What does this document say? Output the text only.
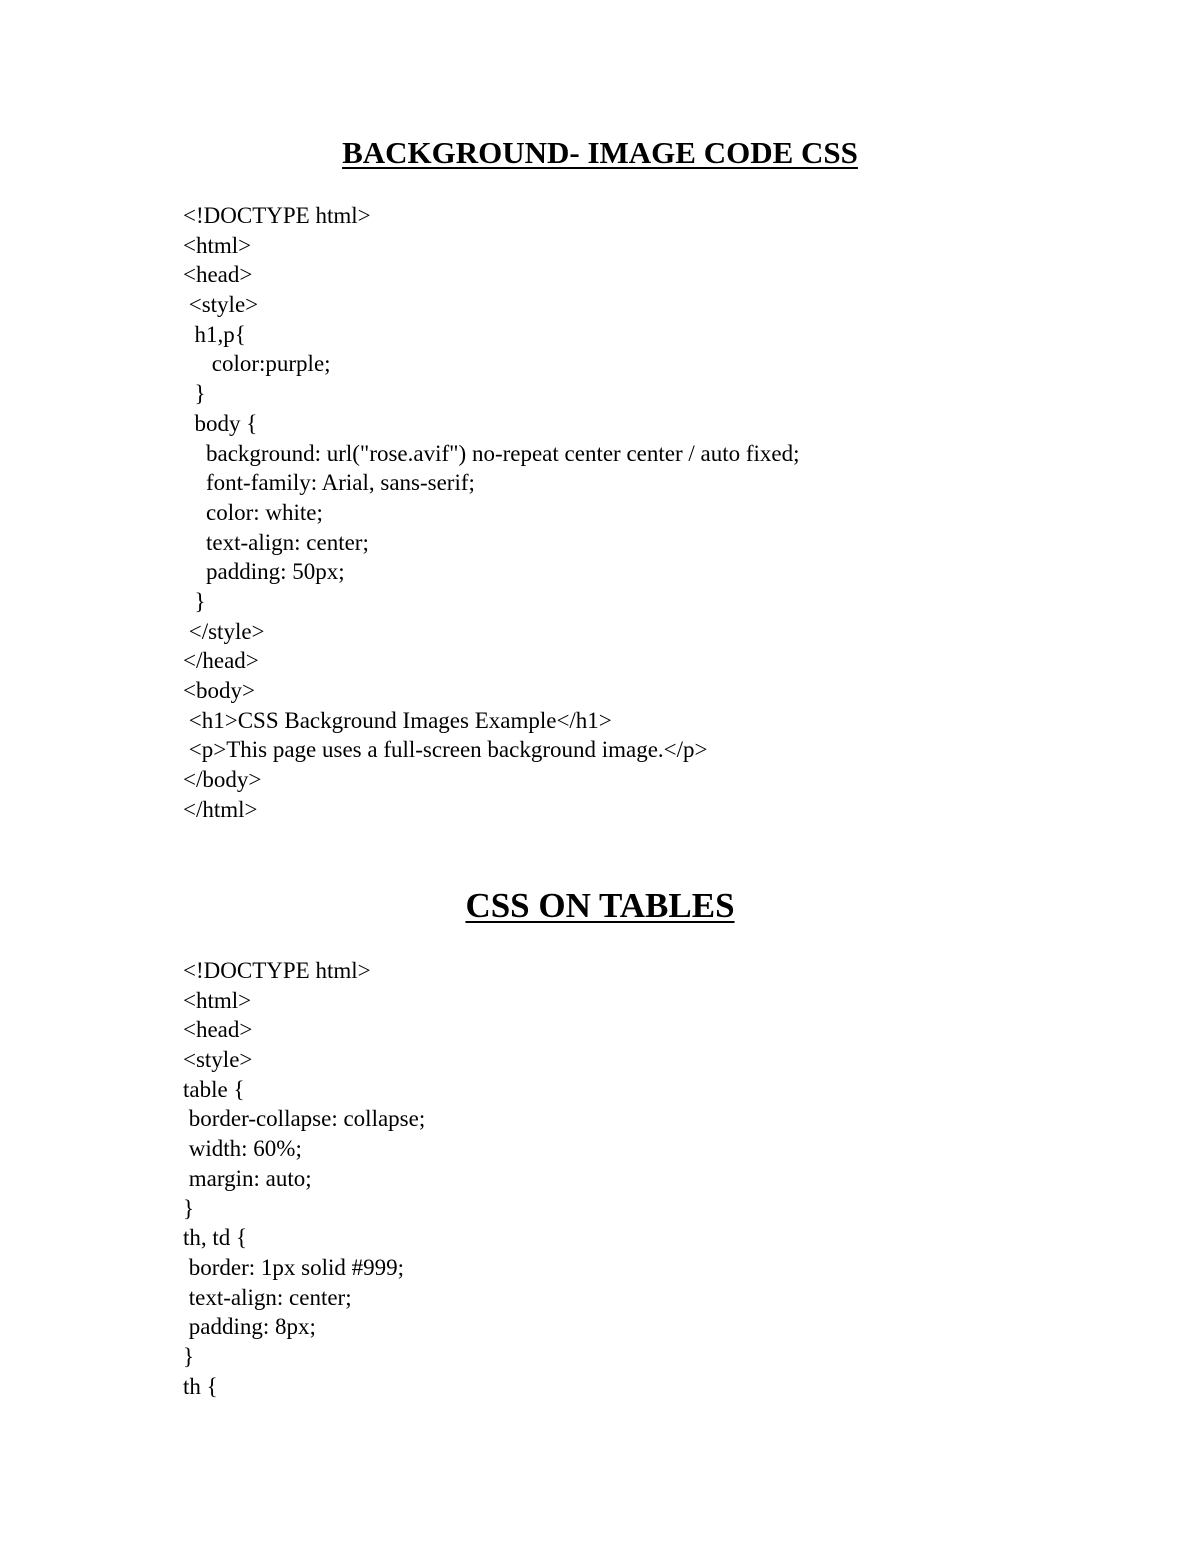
BACKGROUND- IMAGE CODE CSS
<!DOCTYPE html>
<html>
<head>
<style>
h1,p{
color:purple;
}
body {
background: url("rose.avif") no-repeat center center / auto fixed;
font-family: Arial, sans-serif;
color: white;
text-align: center;
padding: 50px;
}
</style>
</head>
<body>
<h1>CSS Background Images Example</h1>
<p>This page uses a full-screen background image.</p>
</body>
</html>
CSS ON TABLES
<!DOCTYPE html>
<html>
<head>
<style>
table {
border-collapse: collapse;
width: 60%;
margin: auto;
}
th, td {
border: 1px solid #999;
text-align: center;
padding: 8px;
}
th {
